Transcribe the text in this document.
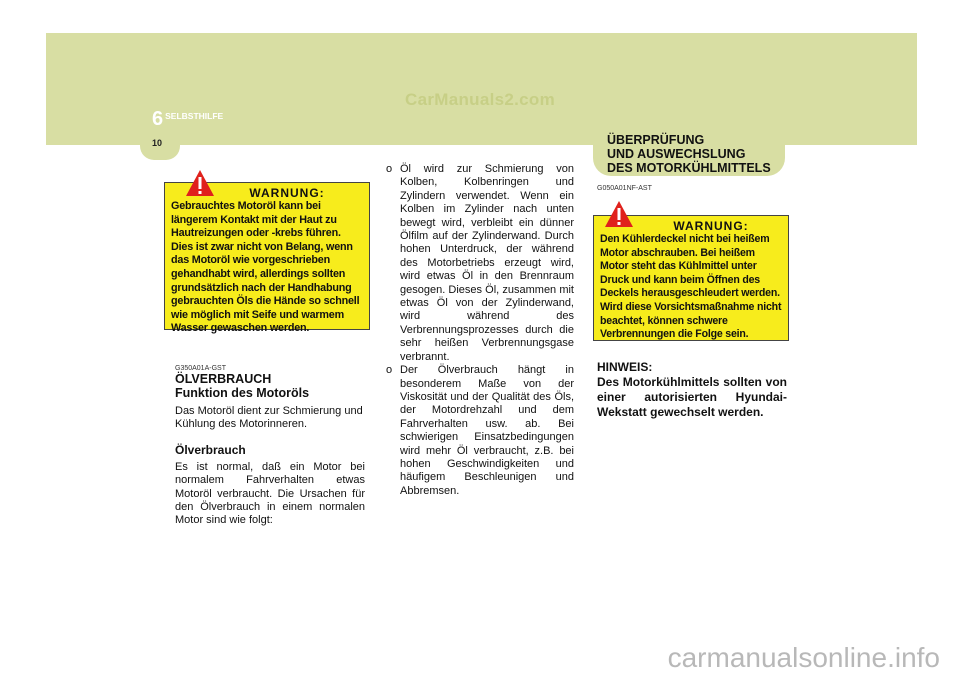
CarManuals2.com
6 $^{SELBSTHILFE}$
10	ÜBERPRÜFUNG
UND AUSWECHSLUNG
DES MOTORKÜHLMITTELS
WARNUNG:
Gebrauchtes Motoröl kann bei längerem Kontakt mit der Haut zu Hautreizungen oder -krebs führen. Dies ist zwar nicht von Belang, wenn das Motoröl wie vorgeschrieben gehandhabt wird, allerdings sollten grundsätzlich nach der Handhabung gebrauchten Öls die Hände so schnell wie möglich mit Seife und warmem Wasser gewaschen werden.
G350A01A-GST
ÖLVERBRAUCH
Funktion des Motoröls
Das Motoröl dient zur Schmierung und Kühlung des Motorinneren.
Ölverbrauch
Es ist normal, daß ein Motor bei normalem Fahrverhalten etwas Motoröl verbraucht. Die Ursachen für den Ölverbrauch in einem normalen Motor sind wie folgt:
o Öl wird zur Schmierung von Kolben, Kolbenringen und Zylindern verwendet. Wenn ein Kolben im Zylinder nach unten bewegt wird, verbleibt ein dünner Ölfilm auf der Zylinderwand. Durch hohen Unterdruck, der während des Motorbetriebs erzeugt wird, wird etwas Öl in den Brennraum gesogen. Dieses Öl, zusammen mit etwas Öl von der Zylinderwand, wird während des Verbrennungsprozesses durch die sehr heißen Verbrennungsgase verbrannt.
o Der Ölverbrauch hängt in besonderem Maße von der Viskosität und der Qualität des Öls, der Motordrehzahl und dem Fahrverhalten usw. ab. Bei schwierigen Einsatzbedingungen wird mehr Öl verbraucht, z.B. bei hohen Geschwindigkeiten und häufigem Beschleunigen und Abbremsen.
G050A01NF-AST
WARNUNG:
Den Kühlerdeckel nicht bei heißem Motor abschrauben. Bei heißem Motor steht das Kühlmittel unter Druck und kann beim Öffnen des Deckels herausgeschleudert werden. Wird diese Vorsichtsmaßnahme nicht beachtet, können schwere Verbrennungen die Folge sein.
HINWEIS:
Des Motorkühlmittels sollten von einer autorisierten Hyundai-Wekstatt gewechselt werden.
carmanualsonline.info
